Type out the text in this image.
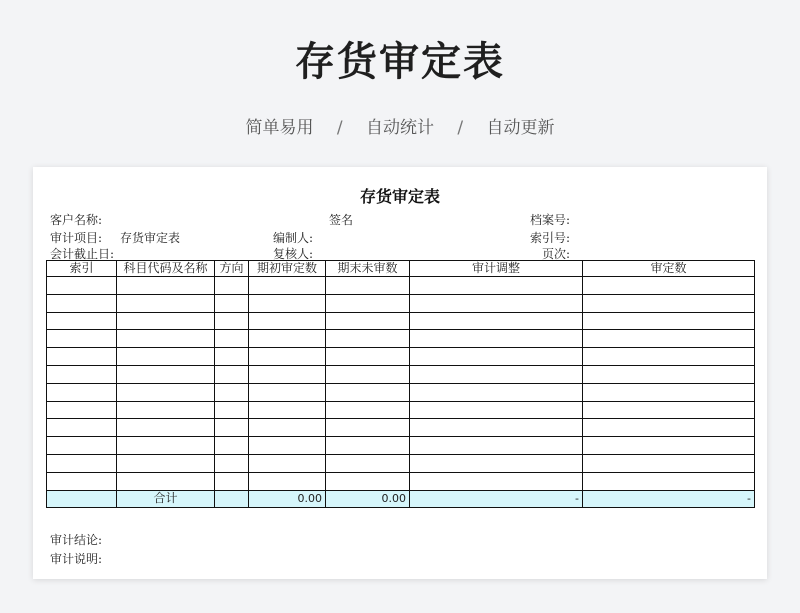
存货审定表
简单易用 / 自动统计 / 自动更新
存货审定表
客户名称:	签名	档案号:
审计项目: 存货审定表	编制人:	索引号:
会计截止日:	复核人:	页次:
索引	科目代码及名称	方向	期初审定数	期末未审数	审计调整	审定数

	合计		0.00	0.00	-	-
审计结论:
审计说明:
